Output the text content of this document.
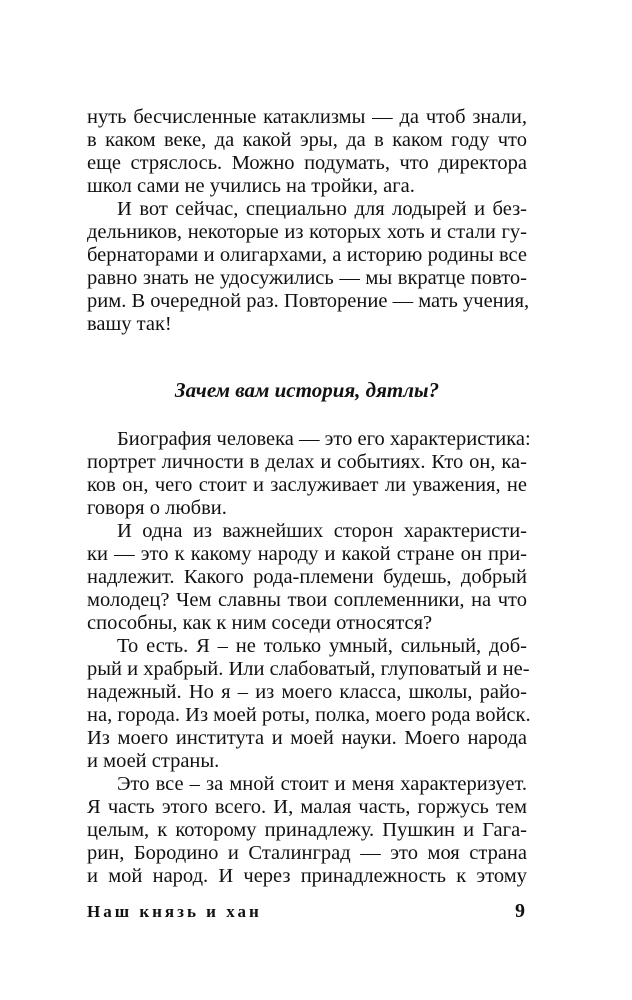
нуть бесчисленные катаклизмы — да чтоб знали,
в каком веке, да какой эры, да в каком году что
еще стряслось. Можно подумать, что директора
школ сами не учились на тройки, ага.
И вот сейчас, специально для лодырей и без-
дельников, некоторые из которых хоть и стали гу-
бернаторами и олигархами, а историю родины все
равно знать не удосужились — мы вкратце повто-
рим. В очередной раз. Повторение — мать учения,
вашу так!
Зачем вам история, дятлы?
Биография человека — это его характеристика:
портрет личности в делах и событиях. Кто он, ка-
ков он, чего стоит и заслуживает ли уважения, не
говоря о любви.
И одна из важнейших сторон характеристи-
ки — это к какому народу и какой стране он при-
надлежит. Какого рода-племени будешь, добрый
молодец? Чем славны твои соплеменники, на что
способны, как к ним соседи относятся?
То есть. Я – не только умный, сильный, доб-
рый и храбрый. Или слабоватый, глуповатый и не-
надежный. Но я – из моего класса, школы, райо-
на, города. Из моей роты, полка, моего рода войск.
Из моего института и моей науки. Моего народа
и моей страны.
Это все – за мной стоит и меня характеризует.
Я часть этого всего. И, малая часть, горжусь тем
целым, к которому принадлежу. Пушкин и Гага-
рин, Бородино и Сталинград — это моя страна
и мой народ. И через принадлежность к этому
Наш князь и хан	9
